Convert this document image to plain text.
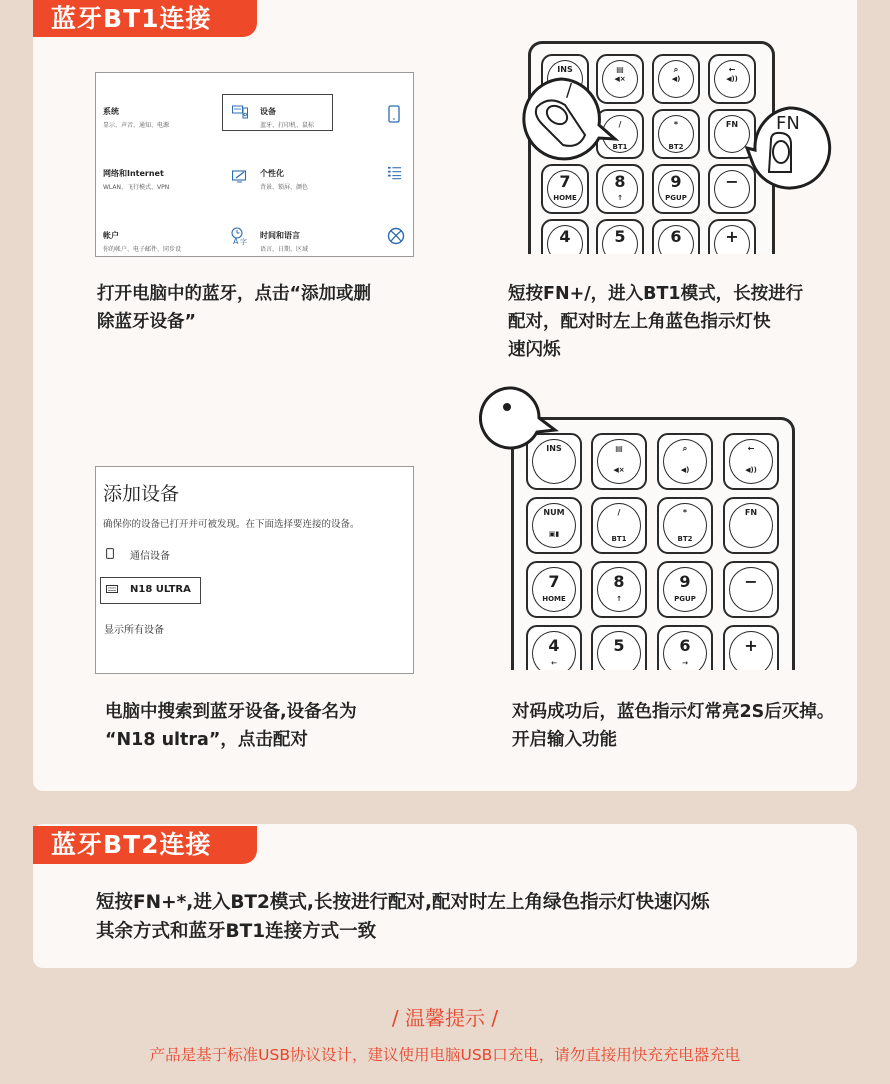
蓝牙BT1连接
系统
显示、声音、通知、电源
设备
蓝牙、打印机、鼠标
网络和Internet
WLAN、飞行模式、VPN
个性化
背景、锁屏、颜色
帐户
你的帐户、电子邮件、同步设
A 字
时间和语言
语言、日期、区域
打开电脑中的蓝牙，点击“添加或删
除蓝牙设备”
INS	▤
◀×
⌕
◀)
←
◀))
/
BT1
*
BT2
FN
7
HOME
8
↑
9
PGUP
−
4	5	6	+
/
FN
短按FN+/，进入BT1模式，长按进行
配对，配对时左上角蓝色指示灯快
速闪烁
添加设备
确保你的设备已打开并可被发现。在下面选择要连接的设备。
通信设备
N18 ULTRA
显示所有设备
电脑中搜索到蓝牙设备,设备名为
“N18 ultra”，点击配对
INS	▤
◀×
⌕
◀)
←
◀))
NUM
▣▮
/
BT1
*
BT2
FN
7
HOME
8
↑
9
PGUP
−
4
←
5	6
→
+
对码成功后，蓝色指示灯常亮2S后灭掉。
开启输入功能
蓝牙BT2连接
短按FN+*,进入BT2模式,长按进行配对,配对时左上角绿色指示灯快速闪烁
其余方式和蓝牙BT1连接方式一致
/ 温馨提示 /
产品是基于标准USB协议设计，建议使用电脑USB口充电，请勿直接用快充充电器充电
